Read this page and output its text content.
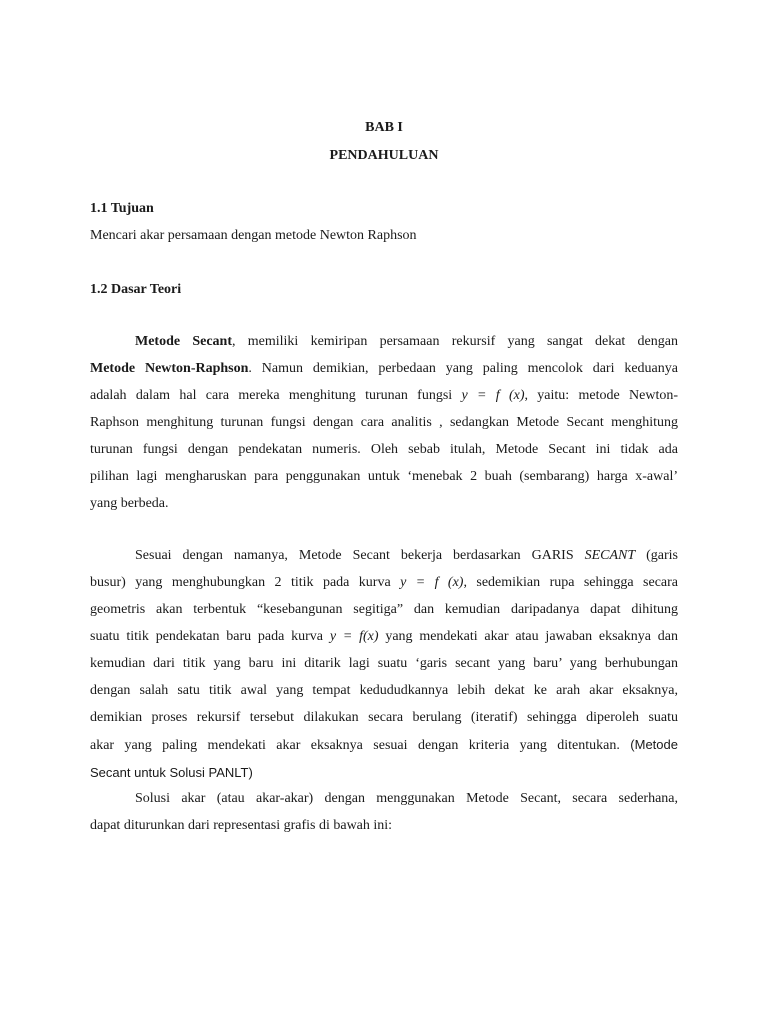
BAB I
PENDAHULUAN
1.1 Tujuan
Mencari akar persamaan dengan metode Newton Raphson
1.2 Dasar Teori
Metode Secant, memiliki kemiripan persamaan rekursif yang sangat dekat dengan
Metode Newton-Raphson. Namun demikian, perbedaan yang paling mencolok dari keduanya
adalah dalam hal cara mereka menghitung turunan fungsi y = f (x), yaitu: metode Newton-
Raphson menghitung turunan fungsi dengan cara analitis , sedangkan Metode Secant menghitung
turunan fungsi dengan pendekatan numeris. Oleh sebab itulah, Metode Secant ini tidak ada
pilihan lagi mengharuskan para penggunakan untuk ‘menebak 2 buah (sembarang) harga x-awal’
yang berbeda.
Sesuai dengan namanya, Metode Secant bekerja berdasarkan GARIS SECANT (garis
busur) yang menghubungkan 2 titik pada kurva y = f (x), sedemikian rupa sehingga secara
geometris akan terbentuk “kesebangunan segitiga” dan kemudian daripadanya dapat dihitung
suatu titik pendekatan baru pada kurva y = f(x) yang mendekati akar atau jawaban eksaknya dan
kemudian dari titik yang baru ini ditarik lagi suatu ‘garis secant yang baru’ yang berhubungan
dengan salah satu titik awal yang tempat kedududkannya lebih dekat ke arah akar eksaknya,
demikian proses rekursif tersebut dilakukan secara berulang (iteratif) sehingga diperoleh suatu
akar yang paling mendekati akar eksaknya sesuai dengan kriteria yang ditentukan. (Metode
Secant untuk Solusi PANLT)
Solusi akar (atau akar-akar) dengan menggunakan Metode Secant, secara sederhana,
dapat diturunkan dari representasi grafis di bawah ini:
